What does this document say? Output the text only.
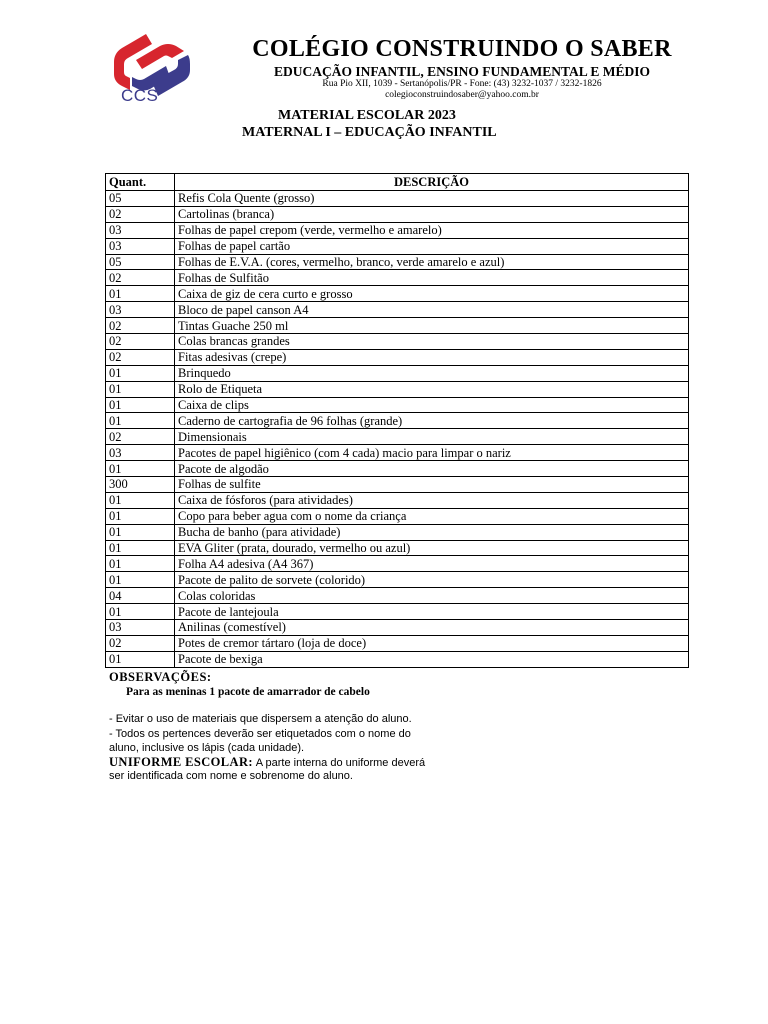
CCS
COLÉGIO CONSTRUINDO O SABER
EDUCAÇÃO INFANTIL, ENSINO FUNDAMENTAL E MÉDIO
Rua Pio XII, 1039 - Sertanópolis/PR - Fone: (43) 3232-1037 / 3232-1826
colegioconstruindosaber@yahoo.com.br
MATERIAL ESCOLAR 2023
MATERNAL I – EDUCAÇÃO INFANTIL
Quant.	DESCRIÇÃO
05	Refis Cola Quente (grosso)
02	Cartolinas (branca)
03	Folhas de papel crepom (verde, vermelho e amarelo)
03	Folhas de papel cartão
05	Folhas de E.V.A. (cores, vermelho, branco, verde amarelo e azul)
02	Folhas de Sulfitão
01	Caixa de giz de cera curto e grosso
03	Bloco de papel canson A4
02	Tintas Guache 250 ml
02	Colas brancas grandes
02	Fitas adesivas (crepe)
01	Brinquedo
01	Rolo de Etiqueta
01	Caixa de clips
01	Caderno de cartografia de 96 folhas (grande)
02	Dimensionais
03	Pacotes de papel higiênico (com 4 cada) macio para limpar o nariz
01	Pacote de algodão
300	Folhas de sulfite
01	Caixa de fósforos (para atividades)
01	Copo para beber agua com o nome da criança
01	Bucha de banho (para atividade)
01	EVA Gliter (prata, dourado, vermelho ou azul)
01	Folha A4 adesiva (A4 367)
01	Pacote de palito de sorvete (colorido)
04	Colas coloridas
01	Pacote de lantejoula
03	Anilinas (comestível)
02	Potes de cremor tártaro (loja de doce)
01	Pacote de bexiga
OBSERVAÇÕES:
Para as meninas 1 pacote de amarrador de cabelo
- Evitar o uso de materiais que dispersem a atenção do aluno.
- Todos os pertences deverão ser etiquetados com o nome do
aluno, inclusive os lápis (cada unidade).
UNIFORME ESCOLAR: A parte interna do uniforme deverá
ser identificada com nome e sobrenome do aluno.
